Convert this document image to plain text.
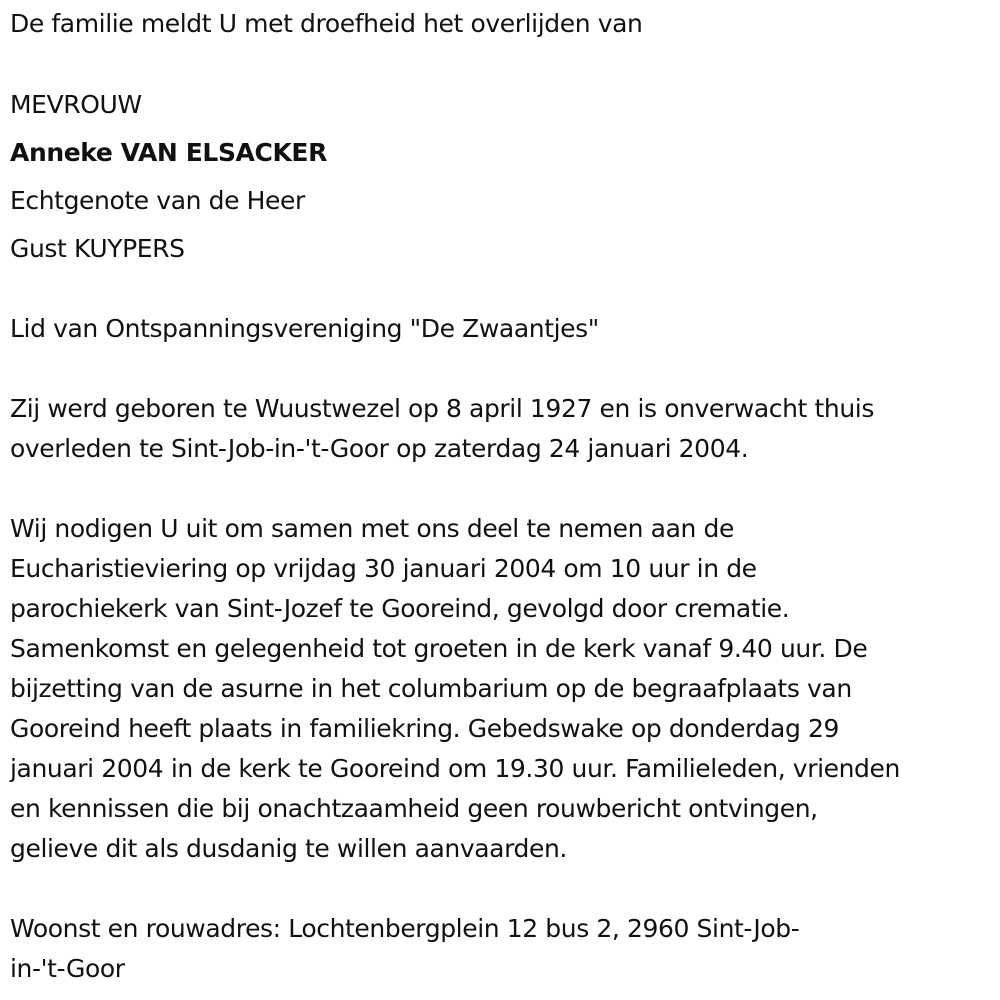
De familie meldt U met droefheid het overlijden van
MEVROUW
Anneke VAN ELSACKER
Echtgenote van de Heer
Gust KUYPERS
Lid van Ontspanningsvereniging "De Zwaantjes"
Zij werd geboren te Wuustwezel op 8 april 1927 en is onverwacht thuis
overleden te Sint-Job-in-'t-Goor op zaterdag 24 januari 2004.
Wij nodigen U uit om samen met ons deel te nemen aan de
Eucharistieviering op vrijdag 30 januari 2004 om 10 uur in de
parochiekerk van Sint-Jozef te Gooreind, gevolgd door crematie.
Samenkomst en gelegenheid tot groeten in de kerk vanaf 9.40 uur. De
bijzetting van de asurne in het columbarium op de begraafplaats van
Gooreind heeft plaats in familiekring. Gebedswake op donderdag 29
januari 2004 in de kerk te Gooreind om 19.30 uur. Familieleden, vrienden
en kennissen die bij onachtzaamheid geen rouwbericht ontvingen,
gelieve dit als dusdanig te willen aanvaarden.
Woonst en rouwadres: Lochtenbergplein 12 bus 2, 2960 Sint-Job-
in-'t-Goor
